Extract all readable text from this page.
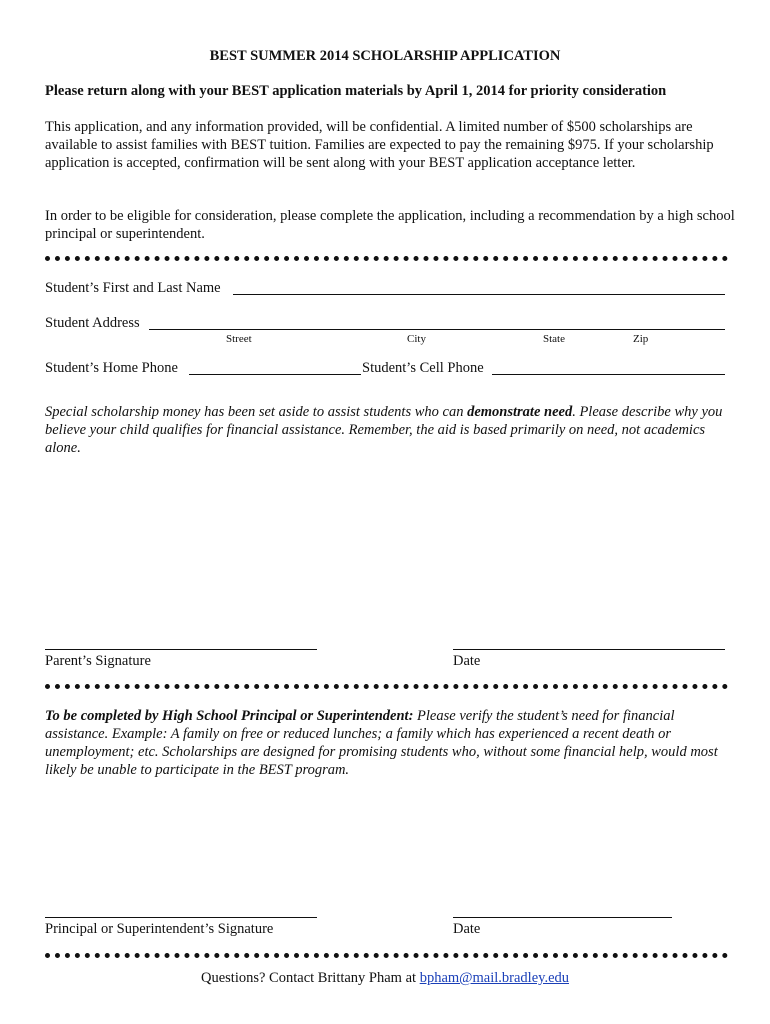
BEST SUMMER 2014 SCHOLARSHIP APPLICATION
Please return along with your BEST application materials by April 1, 2014 for priority consideration
This application, and any information provided, will be confidential. A limited number of $500 scholarships are available to assist families with BEST tuition. Families are expected to pay the remaining $975. If your scholarship application is accepted, confirmation will be sent along with your BEST application acceptance letter.
In order to be eligible for consideration, please complete the application, including a recommendation by a high school principal or superintendent.
Student’s First and Last Name
Student Address
Street	City	State	Zip
Student’s Home Phone	Student’s Cell Phone
Special scholarship money has been set aside to assist students who can demonstrate need. Please describe why you believe your child qualifies for financial assistance. Remember, the aid is based primarily on need, not academics alone.
Parent’s Signature	Date
To be completed by High School Principal or Superintendent: Please verify the student’s need for financial assistance. Example: A family on free or reduced lunches; a family which has experienced a recent death or unemployment; etc. Scholarships are designed for promising students who, without some financial help, would most likely be unable to participate in the BEST program.
Principal or Superintendent’s Signature	Date
Questions? Contact Brittany Pham at bpham@mail.bradley.edu
